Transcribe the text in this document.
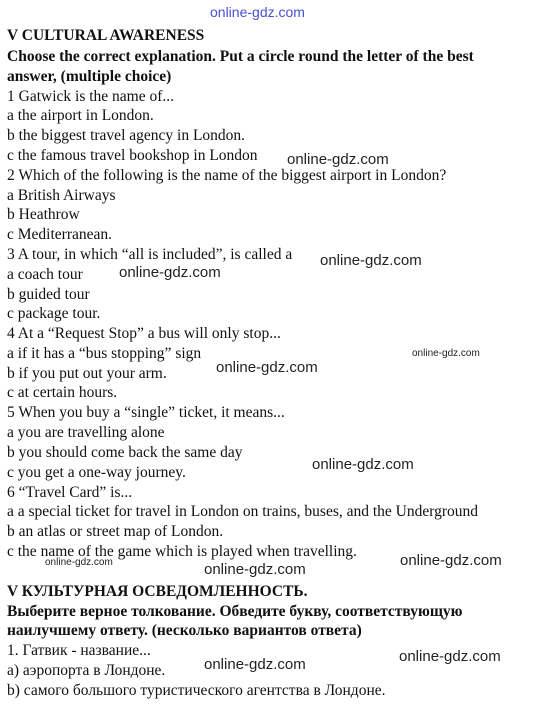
online-gdz.com
V CULTURAL AWARENESS
Choose the correct explanation. Put a circle round the letter of the best
answer, (multiple choice)
1 Gatwick is the name of...
a the airport in London.
b the biggest travel agency in London.
c the famous travel bookshop in London
2 Which of the following is the name of the biggest airport in London?
a British Airways
b Heathrow
c Mediterranean.
3 A tour, in which “all is included”, is called a
a coach tour
b guided tour
c package tour.
4 At a “Request Stop” a bus will only stop...
a if it has a “bus stopping” sign
b if you put out your arm.
c at certain hours.
5 When you buy a “single” ticket, it means...
a you are travelling alone
b you should come back the same day
c you get a one-way journey.
6 “Travel Card” is...
a a special ticket for travel in London on trains, buses, and the Underground
b an atlas or street map of London.
c the name of the game which is played when travelling.
V КУЛЬТУРНАЯ ОСВЕДОМЛЕННОСТЬ.
Выберите верное толкование. Обведите букву, соответствующую
наилучшему ответу. (несколько вариантов ответа)
1. Гатвик - название...
а) аэропорта в Лондоне.
b) самого большого туристического агентства в Лондоне.
online-gdz.com
online-gdz.com
online-gdz.com
online-gdz.com
online-gdz.com
online-gdz.com
online-gdz.com
online-gdz.com	online-gdz.com
online-gdz.com
online-gdz.com
